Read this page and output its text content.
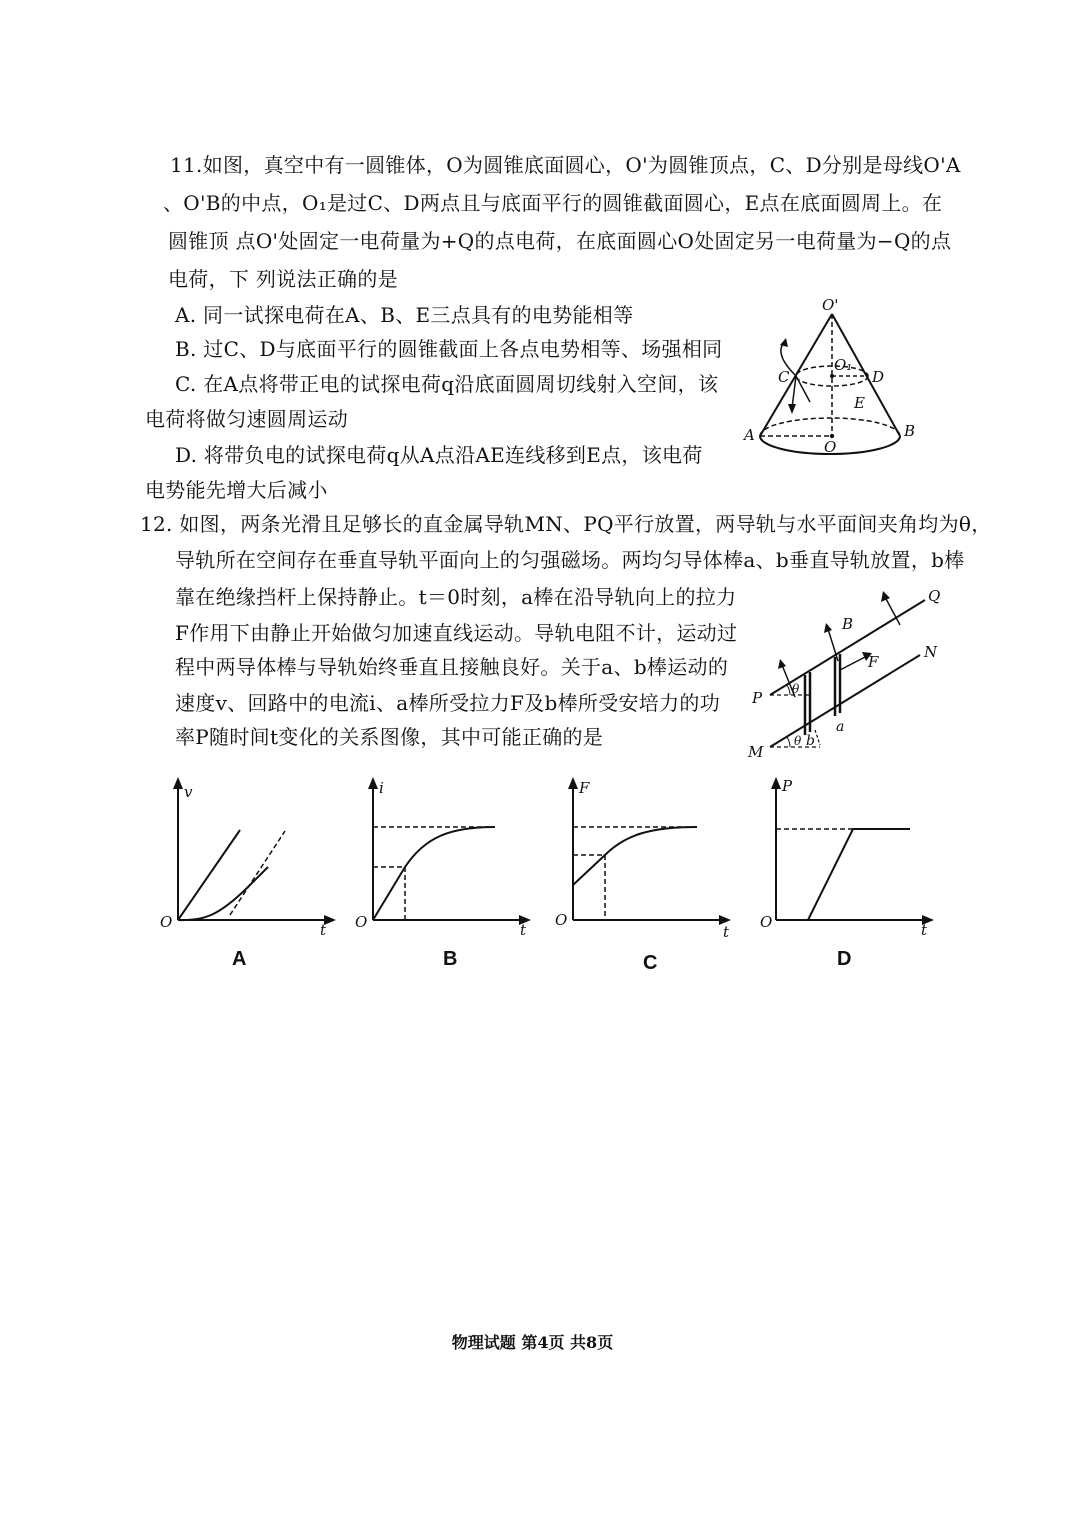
11.如图，真空中有一圆锥体，O为圆锥底面圆心，O'为圆锥顶点，C、D分别是母线O'A
、O'B的中点，O₁是过C、D两点且与底面平行的圆锥截面圆心，E点在底面圆周上。在
圆锥顶 点O'处固定一电荷量为+Q的点电荷，在底面圆心O处固定另一电荷量为−Q的点
电荷，下 列说法正确的是
A. 同一试探电荷在A、B、E三点具有的电势能相等
B. 过C、D与底面平行的圆锥截面上各点电势相等、场强相同
C. 在A点将带正电的试探电荷q沿底面圆周切线射入空间，该
电荷将做匀速圆周运动
D. 将带负电的试探电荷q从A点沿AE连线移到E点，该电荷
电势能先增大后减小
O'
O₁
C	D
E
A	B
O
12. 如图，两条光滑且足够长的直金属导轨MN、PQ平行放置，两导轨与水平面间夹角均为θ，
导轨所在空间存在垂直导轨平面向上的匀强磁场。两均匀导体棒a、b垂直导轨放置，b棒
靠在绝缘挡杆上保持静止。t＝0时刻，a棒在沿导轨向上的拉力
F作用下由静止开始做匀加速直线运动。导轨电阻不计，运动过
程中两导体棒与导轨始终垂直且接触良好。关于a、b棒运动的
速度v、回路中的电流i、a棒所受拉力F及b棒所受安培力的功
率P随时间t变化的关系图像，其中可能正确的是
Q
N
P
M
B
F
a
b
θ
θ
v
t
O
A
i
t
O
B
F
t
O
C
P
t
O
D
物理试题 第4页 共8页
